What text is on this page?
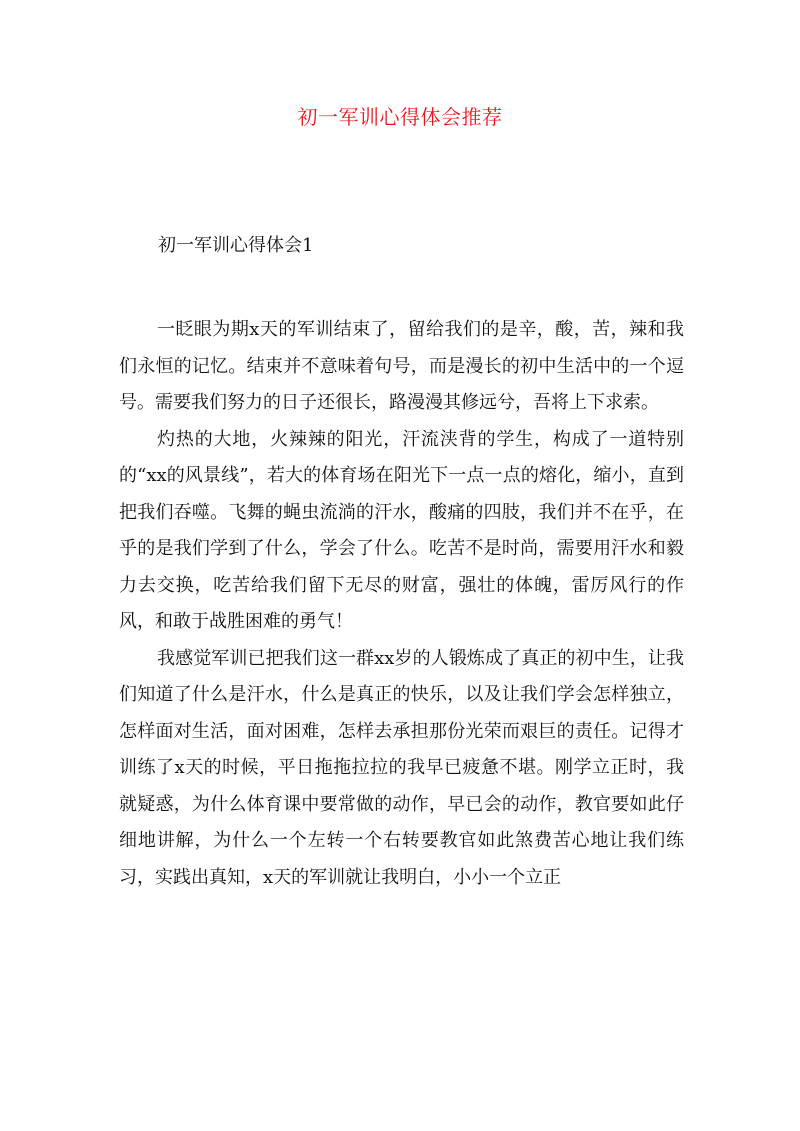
初一军训心得体会推荐
初一军训心得体会1

一眨眼为期x天的军训结束了，留给我们的是辛，酸，苦，辣和我们永恒的记忆。结束并不意味着句号，而是漫长的初中生活中的一个逗号。需要我们努力的日子还很长，路漫漫其修远兮，吾将上下求索。

灼热的大地，火辣辣的阳光，汗流浃背的学生，构成了一道特别的“xx的风景线”，若大的体育场在阳光下一点一点的熔化，缩小，直到把我们吞噬。飞舞的蝇虫流淌的汗水，酸痛的四肢，我们并不在乎，在乎的是我们学到了什么，学会了什么。吃苦不是时尚，需要用汗水和毅力去交换，吃苦给我们留下无尽的财富，强壮的体魄，雷厉风行的作风，和敢于战胜困难的勇气！

我感觉军训已把我们这一群xx岁的人锻炼成了真正的初中生，让我们知道了什么是汗水，什么是真正的快乐，以及让我们学会怎样独立，怎样面对生活，面对困难，怎样去承担那份光荣而艰巨的责任。记得才训练了x天的时候，平日拖拖拉拉的我早已疲惫不堪。刚学立正时，我就疑惑，为什么体育课中要常做的动作，早已会的动作，教官要如此仔细地讲解，为什么一个左转一个右转要教官如此煞费苦心地让我们练习，实践出真知，x天的军训就让我明白，小小一个立正
